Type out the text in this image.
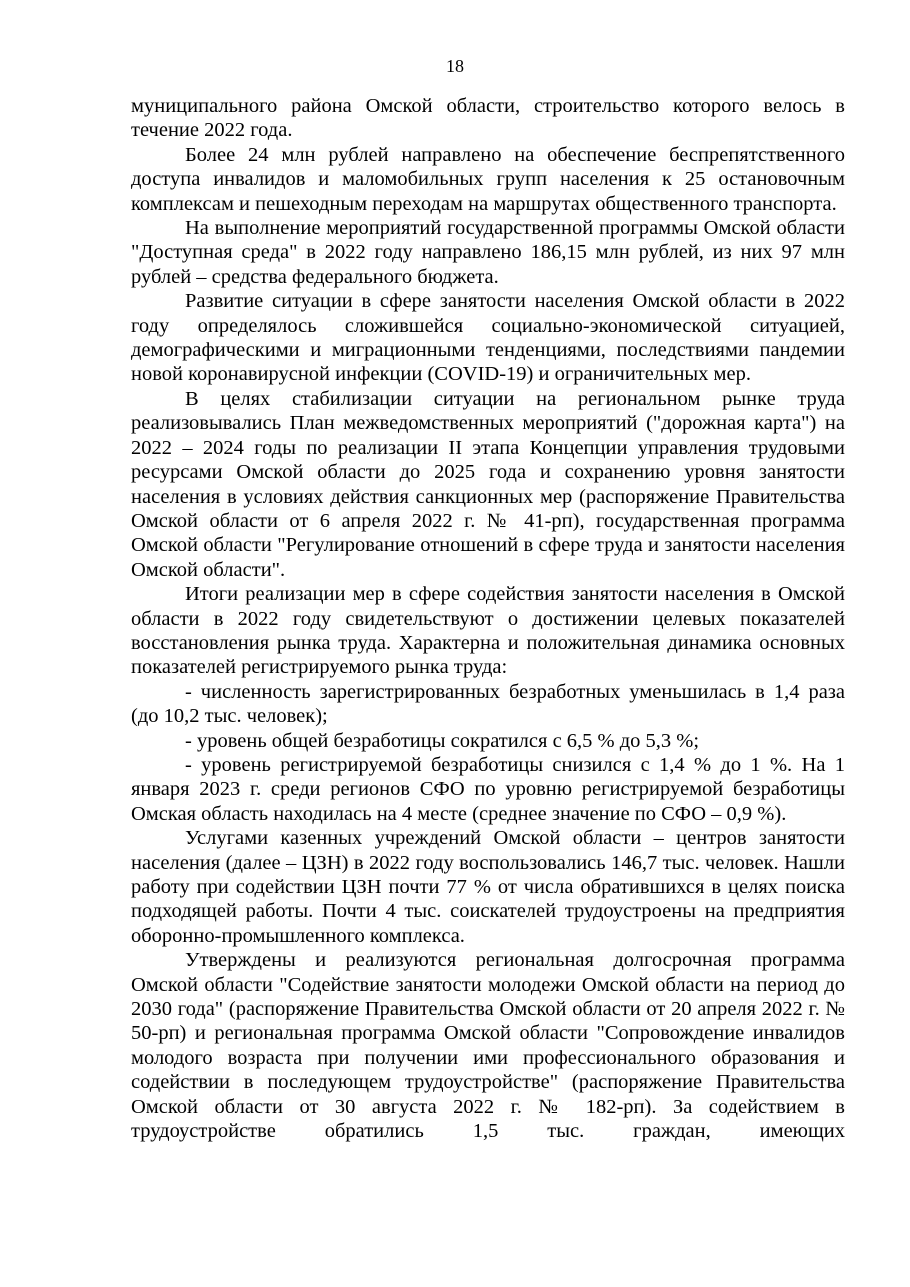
18

муниципального района Омской области, строительство которого велось в течение 2022 года.

Более 24 млн рублей направлено на обеспечение беспрепятственного доступа инвалидов и маломобильных групп населения к 25 остановочным комплексам и пешеходным переходам на маршрутах общественного транспорта.

На выполнение мероприятий государственной программы Омской области "Доступная среда" в 2022 году направлено 186,15 млн рублей, из них 97 млн рублей – средства федерального бюджета.

Развитие ситуации в сфере занятости населения Омской области в 2022 году определялось сложившейся социально-экономической ситуацией, демографическими и миграционными тенденциями, последствиями пандемии новой коронавирусной инфекции (COVID-19) и ограничительных мер.

В целях стабилизации ситуации на региональном рынке труда реализовывались План межведомственных мероприятий ("дорожная карта") на 2022 – 2024 годы по реализации II этапа Концепции управления трудовыми ресурсами Омской области до 2025 года и сохранению уровня занятости населения в условиях действия санкционных мер (распоряжение Правительства Омской области от 6 апреля 2022 г. № 41-рп), государственная программа Омской области "Регулирование отношений в сфере труда и занятости населения Омской области".

Итоги реализации мер в сфере содействия занятости населения в Омской области в 2022 году свидетельствуют о достижении целевых показателей восстановления рынка труда. Характерна и положительная динамика основных показателей регистрируемого рынка труда:

- численность зарегистрированных безработных уменьшилась в 1,4 раза (до 10,2 тыс. человек);

- уровень общей безработицы сократился с 6,5 % до 5,3 %;

- уровень регистрируемой безработицы снизился с 1,4 % до 1 %. На 1 января 2023 г. среди регионов СФО по уровню регистрируемой безработицы Омская область находилась на 4 месте (среднее значение по СФО – 0,9 %).

Услугами казенных учреждений Омской области – центров занятости населения (далее – ЦЗН) в 2022 году воспользовались 146,7 тыс. человек. Нашли работу при содействии ЦЗН почти 77 % от числа обратившихся в целях поиска подходящей работы. Почти 4 тыс. соискателей трудоустроены на предприятия оборонно-промышленного комплекса.

Утверждены и реализуются региональная долгосрочная программа Омской области "Содействие занятости молодежи Омской области на период до 2030 года" (распоряжение Правительства Омской области от 20 апреля 2022 г. № 50-рп) и региональная программа Омской области "Сопровождение инвалидов молодого возраста при получении ими профессионального образования и содействии в последующем трудоустройстве" (распоряжение Правительства Омской области от 30 августа 2022 г. № 182-рп). За содействием в трудоустройстве обратились 1,5 тыс. граждан, имеющих
